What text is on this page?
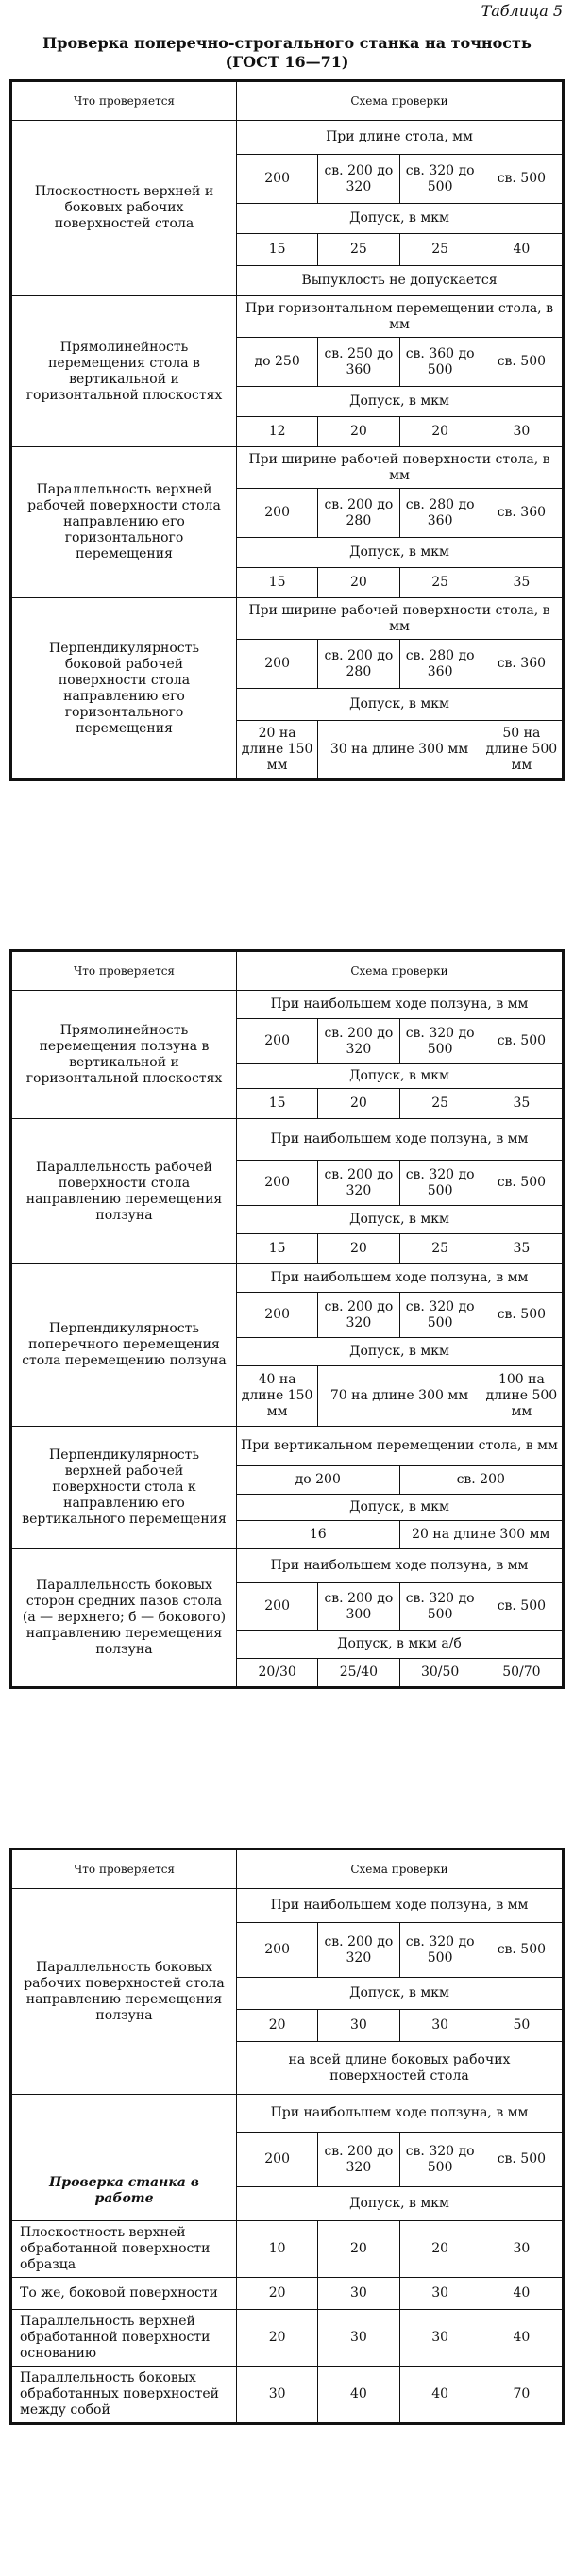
Таблица 5
Проверка поперечно-строгального станка на точность
(ГОСТ 16—71)
Что проверяется	Схема проверки			
Плоскостность верхней и боковых рабочих поверхностей стола	При длине стола, мм			
	200	св. 200 до 320	св. 320 до 500	св. 500
	Допуск, в мкм			
	15	25	25	40
	Выпуклость не допускается			
Прямолинейность перемещения стола в вертикальной и горизонтальной плоскостях	При горизонтальном перемещении стола, в мм			
	до 250	св. 250 до 360	св. 360 до 500	св. 500
	Допуск, в мкм			
	12	20	20	30
Параллельность верхней рабочей поверхности стола направлению его горизонтального перемещения	При ширине рабочей поверхности стола, в мм			
	200	св. 200 до 280	св. 280 до 360	св. 360
	Допуск, в мкм			
	15	20	25	35
Перпендикулярность боковой рабочей поверхности стола направлению его горизонтального перемещения	При ширине рабочей поверхности стола, в мм			
	200	св. 200 до 280	св. 280 до 360	св. 360
	Допуск, в мкм			
	20 на длине 150 мм	30 на длине 300 мм		50 на длине 500 мм
Что проверяется	Схема проверки			
Прямолинейность перемещения ползуна в вертикальной и горизонтальной плоскостях	При наибольшем ходе ползуна, в мм			
	200	св. 200 до 320	св. 320 до 500	св. 500
	Допуск, в мкм			
	15	20	25	35
Параллельность рабочей поверхности стола направлению перемещения ползуна	При наибольшем ходе ползуна, в мм			
	200	св. 200 до 320	св. 320 до 500	св. 500
	Допуск, в мкм			
	15	20	25	35
Перпендикулярность поперечного перемещения стола перемещению ползуна	При наибольшем ходе ползуна, в мм			
	200	св. 200 до 320	св. 320 до 500	св. 500
	Допуск, в мкм			
	40 на длине 150 мм	70 на длине 300 мм		100 на длине 500 мм
Перпендикулярность верхней рабочей поверхности стола к направлению его вертикального перемещения	При вертикальном перемещении стола, в мм			
	до 200		св. 200	
	Допуск, в мкм			
	16		20 на длине 300 мм	
Параллельность боковых сторон средних пазов стола (а — верхнего; б — бокового) направлению перемещения ползуна	При наибольшем ходе ползуна, в мм			
	200	св. 200 до 300	св. 320 до 500	св. 500
	Допуск, в мкм а/б			
	20/30	25/40	30/50	50/70
Что проверяется	Схема проверки			
Параллельность боковых рабочих поверхностей стола направлению перемещения ползуна	При наибольшем ходе ползуна, в мм			
	200	св. 200 до 320	св. 320 до 500	св. 500
	Допуск, в мкм			
	20	30	30	50
	на всей длине боковых рабочих поверхностей стола			
Проверка станка в работе	При наибольшем ходе ползуна, в мм			
	200	св. 200 до 320	св. 320 до 500	св. 500
	Допуск, в мкм			
Плоскостность верхней обработанной поверхности образца	10	20	20	30
То же, боковой поверхности	20	30	30	40
Параллельность верхней обработанной поверхности основанию	20	30	30	40
Параллельность боковых обработанных поверхностей между собой	30	40	40	70
